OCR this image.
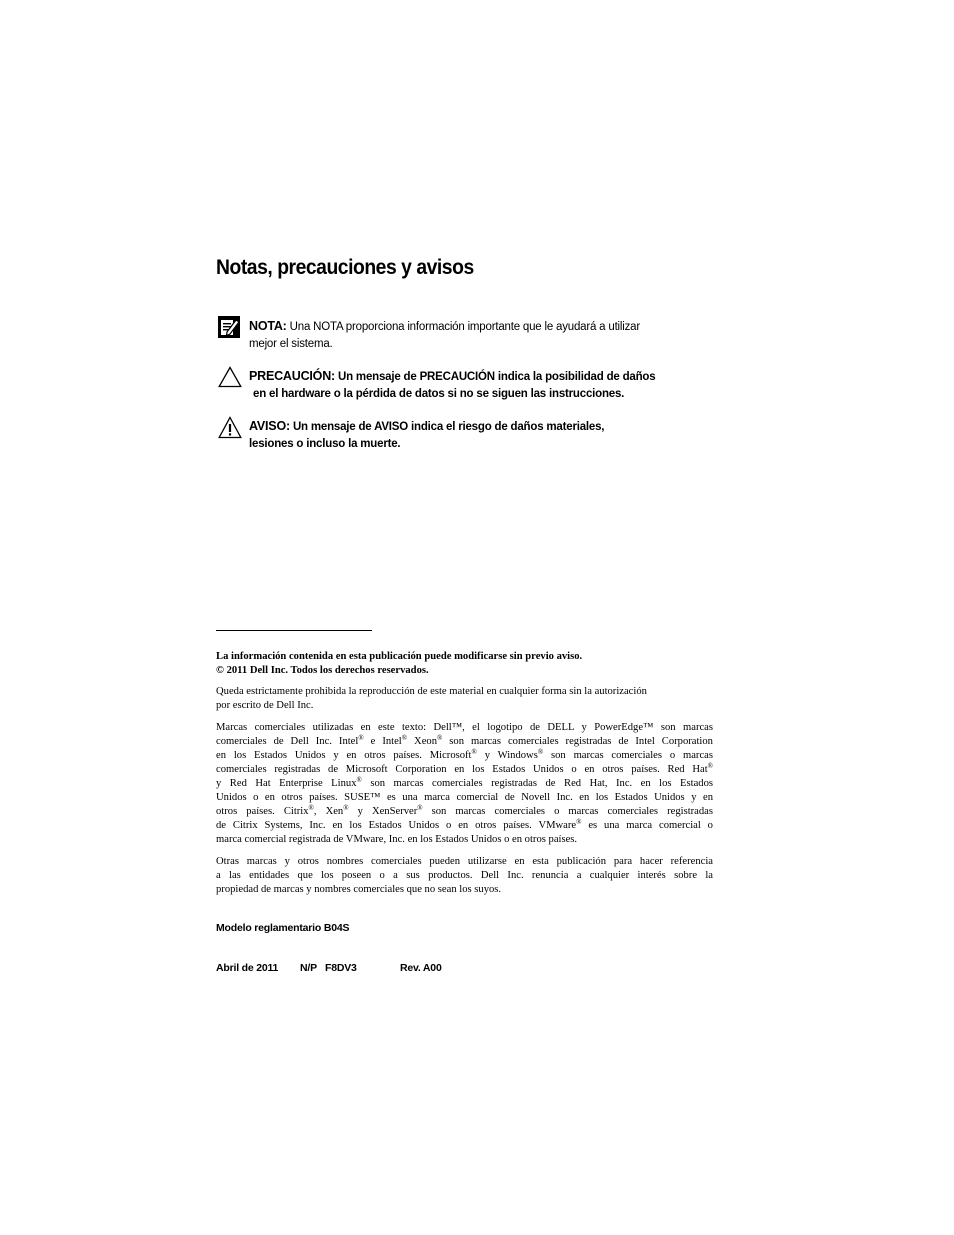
Notas, precauciones y avisos
NOTA: Una NOTA proporciona información importante que le ayudará a utilizar
mejor el sistema.
PRECAUCIÓN: Un mensaje de PRECAUCIÓN indica la posibilidad de daños
en el hardware o la pérdida de datos si no se siguen las instrucciones.
AVISO: Un mensaje de AVISO indica el riesgo de daños materiales,
lesiones o incluso la muerte.
La información contenida en esta publicación puede modificarse sin previo aviso.
© 2011 Dell Inc. Todos los derechos reservados.
Queda estrictamente prohibida la reproducción de este material en cualquier forma sin la autorización
por escrito de Dell Inc.
Marcas comerciales utilizadas en este texto: Dell™, el logotipo de DELL y PowerEdge™ son marcas
comerciales de Dell Inc. Intel® e Intel® Xeon® son marcas comerciales registradas de Intel Corporation
en los Estados Unidos y en otros países. Microsoft® y Windows® son marcas comerciales o marcas
comerciales registradas de Microsoft Corporation en los Estados Unidos o en otros países. Red Hat®
y Red Hat Enterprise Linux® son marcas comerciales registradas de Red Hat, Inc. en los Estados
Unidos o en otros países. SUSE™ es una marca comercial de Novell Inc. en los Estados Unidos y en
otros países. Citrix®, Xen® y XenServer® son marcas comerciales o marcas comerciales registradas
de Citrix Systems, Inc. en los Estados Unidos o en otros países. VMware® es una marca comercial o
marca comercial registrada de VMware, Inc. en los Estados Unidos o en otros países.
Otras marcas y otros nombres comerciales pueden utilizarse en esta publicación para hacer referencia
a las entidades que los poseen o a sus productos. Dell Inc. renuncia a cualquier interés sobre la
propiedad de marcas y nombres comerciales que no sean los suyos.
Modelo reglamentario B04S
Abril de 2011 N/P F8DV3	Rev. A00
